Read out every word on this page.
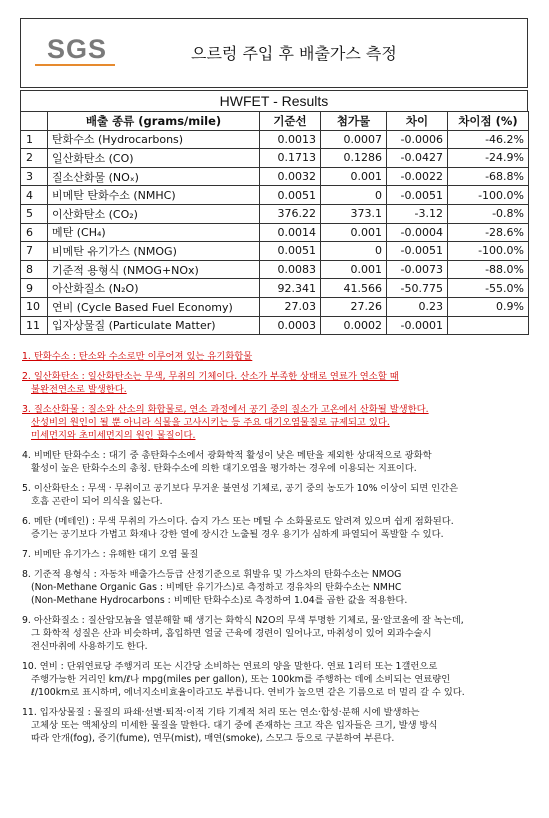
SGS	으르렁 주입 후 배출가스 측정
HWFET - Results
	배출 종류 (grams/mile)	기준선	첨가물	차이	차이점 (%)
1	탄화수소 (Hydrocarbons)	0.0013	0.0007	-0.0006	-46.2%
2	일산화탄소 (CO)	0.1713	0.1286	-0.0427	-24.9%
3	질소산화물 (NOₓ)	0.0032	0.001	-0.0022	-68.8%
4	비메탄 탄화수소 (NMHC)	0.0051	0	-0.0051	-100.0%
5	이산화탄소 (CO₂)	376.22	373.1	-3.12	-0.8%
6	메탄 (CH₄)	0.0014	0.001	-0.0004	-28.6%
7	비메탄 유기가스 (NMOG)	0.0051	0	-0.0051	-100.0%
8	기준적 용형식 (NMOG+NOx)	0.0083	0.001	-0.0073	-88.0%
9	아산화질소 (N₂O)	92.341	41.566	-50.775	-55.0%
10	연비 (Cycle Based Fuel Economy)	27.03	27.26	0.23	0.9%
11	입자상물질 (Particulate Matter)	0.0003	0.0002	-0.0001	

1. 탄화수소 : 탄소와 수소로만 이루어져 있는 유기화합물

2. 일산화탄소 : 일산화탄소는 무색, 무취의 기체이다. 산소가 부족한 상태로 연료가 연소할 때

불완전연소로 발생한다.

3. 질소산화물 : 질소와 산소의 화합물로, 연소 과정에서 공기 중의 질소가 고온에서 산화될 발생한다.

산성비의 원인이 될 뿐 아니라 식물을 고사시키는 등 주요 대기오염물질로 규제되고 있다.

미세먼지와 초미세먼지의 원인 물질이다.

4. 비메탄 탄화수소 : 대기 중 총탄화수소에서 광화학적 활성이 낮은 메탄을 제외한 상대적으로 광화학

활성이 높은 탄화수소의 총칭. 탄화수소에 의한 대기오염을 평가하는 경우에 이용되는 지표이다.

5. 이산화탄소 : 무색 · 무취이고 공기보다 무거운 불연성 기체로, 공기 중의 농도가 10% 이상이 되면 인간은

호흡 곤란이 되어 의식을 잃는다.

6. 메탄 (메테인) : 무색 무취의 가스이다. 습지 가스 또는 메틸 수 소화물로도 알려져 있으며 쉽게 점화된다.

증기는 공기보다 가볍고 화재나 강한 열에 장시간 노출될 경우 용기가 심하게 파열되어 폭발할 수 있다.

7. 비메탄 유기가스 : 유해한 대기 오염 물질

8. 기준적 용형식 : 자동차 배출가스등급 산정기준으로 휘발유 및 가스차의 탄화수소는 NMOG

(Non-Methane Organic Gas : 비메탄 유기가스)로 측정하고 경유차의 탄화수소는 NMHC

(Non-Methane Hydrocarbons : 비메탄 탄화수소)로 측정하여 1.04를 곱한 값을 적용한다.

9. 아산화질소 : 질산암모늄을 열분해할 때 생기는 화학식 N2O의 무색 투명한 기체로, 물·알코올에 잘 녹는데,

그 화학적 성질은 산과 비슷하며, 흡입하면 얼굴 근육에 경련이 일어나고, 마취성이 있어 외과수술시

전신마취에 사용하기도 한다.

10. 연비 : 단위연료당 주행거리 또는 시간당 소비하는 연료의 양을 말한다. 연료 1리터 또는 1갤런으로

주행가능한 거리인 km/ℓ나 mpg(miles per gallon), 또는 100km를 주행하는 데에 소비되는 연료량인

ℓ/100km로 표시하며, 에너지소비효율이라고도 부릅니다. 연비가 높으면 같은 기름으로 더 멀리 갈 수 있다.

11. 입자상물질 : 물질의 파쇄·선별·퇴적·이적 기타 기계적 처리 또는 연소·합성·분해 시에 발생하는

고체상 또는 액체상의 미세한 물질을 말한다. 대기 중에 존재하는 크고 작은 입자들은 크기, 발생 방식

따라 안개(fog), 증기(fume), 연무(mist), 매연(smoke), 스모그 등으로 구분하여 부른다.
